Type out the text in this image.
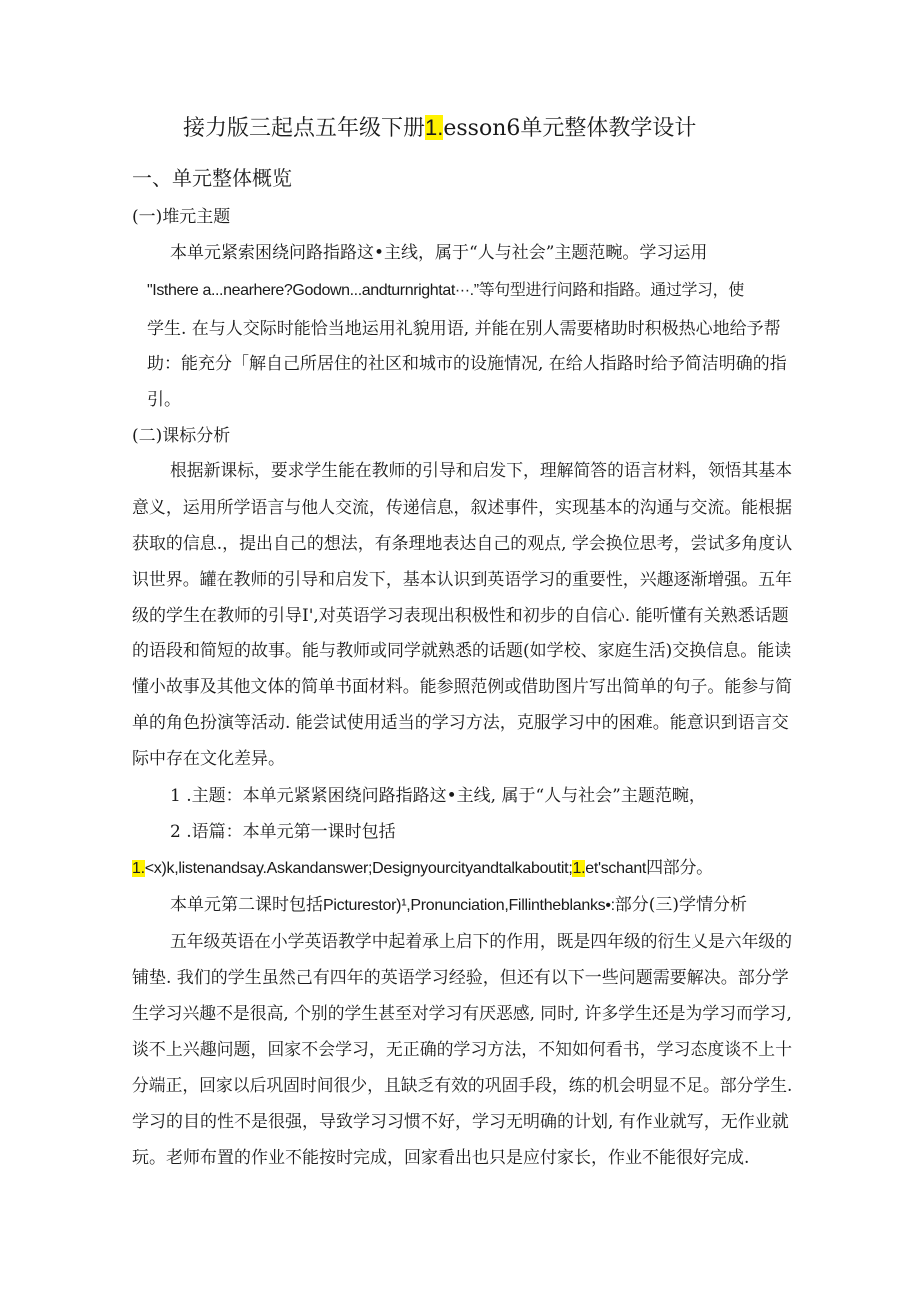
接力版三起点五年级下册1.esson6单元整体教学设计
一、单元整体概览
(一)堆元主题
本单元紧索困绕问路指路这•主线，属于“人与社会”主题范畹。学习运用
"Isthere a...nearhere?Godown...andturnrightat···.”等句型进行问路和指路。通过学习，使
学生. 在与人交际时能恰当地运用礼貌用语, 并能在别人需要楮助时积极热心地给予帮
助：能充分「解自己所居住的社区和城市的设施情况, 在给人指路时给予简洁明确的指
引。
(二)课标分析
根据新课标，要求学生能在教师的引导和启发下，理解简答的语言材料，领悟其基本
意义，运用所学语言与他人交流，传递信息，叙述事件，实现基本的沟通与交流。能根据
获取的信息.，提出自己的想法，有条理地表达自己的观点, 学会换位思考，尝试多角度认
识世界。罐在教师的引导和启发下，基本认识到英语学习的重要性，兴趣逐渐增强。五年
级的学生在教师的引导I',对英语学习表现出积极性和初步的自信心. 能听懂有关熟悉话题
的语段和简短的故事。能与教师或同学就熟悉的话题(如学校、家庭生活)交换信息。能读
懂小故事及其他文体的简单书面材料。能参照范例或借助图片写出简单的句子。能参与简
单的角色扮演等活动. 能尝试使用适当的学习方法，克服学习中的困难。能意识到语言交
际中存在文化差异。
1 .主题：本单元紧紧困绕问路指路这•主线, 属于“人与社会”主题范畹，
2 .语篇：本单元第一课时包括
1.<x)k,listenandsay.Askandanswer;Designyourcityandtalkaboutit;1.et'schant四部分。
本单元第二课时包括Picturestor)¹,Pronunciation,Fillintheblanks•:部分(三)学情分析
五年级英语在小学英语教学中起着承上启下的作用，既是四年级的衍生乂是六年级的
铺垫. 我们的学生虽然己有四年的英语学习经验，但还有以下一些问题需要解决。部分学
生学习兴趣不是很高, 个别的学生甚至对学习有厌恶感, 同时, 许多学生还是为学习而学习,
谈不上兴趣问题，回家不会学习，无正确的学习方法，不知如何看书，学习态度谈不上十
分端正，回家以后巩固时间很少，且缺乏有效的巩固手段，练的机会明显不足。部分学生.
学习的目的性不是很强，导致学习习惯不好，学习无明确的计划, 有作业就写，无作业就
玩。老师布置的作业不能按时完成，回家看出也只是应付家长，作业不能很好完成.
